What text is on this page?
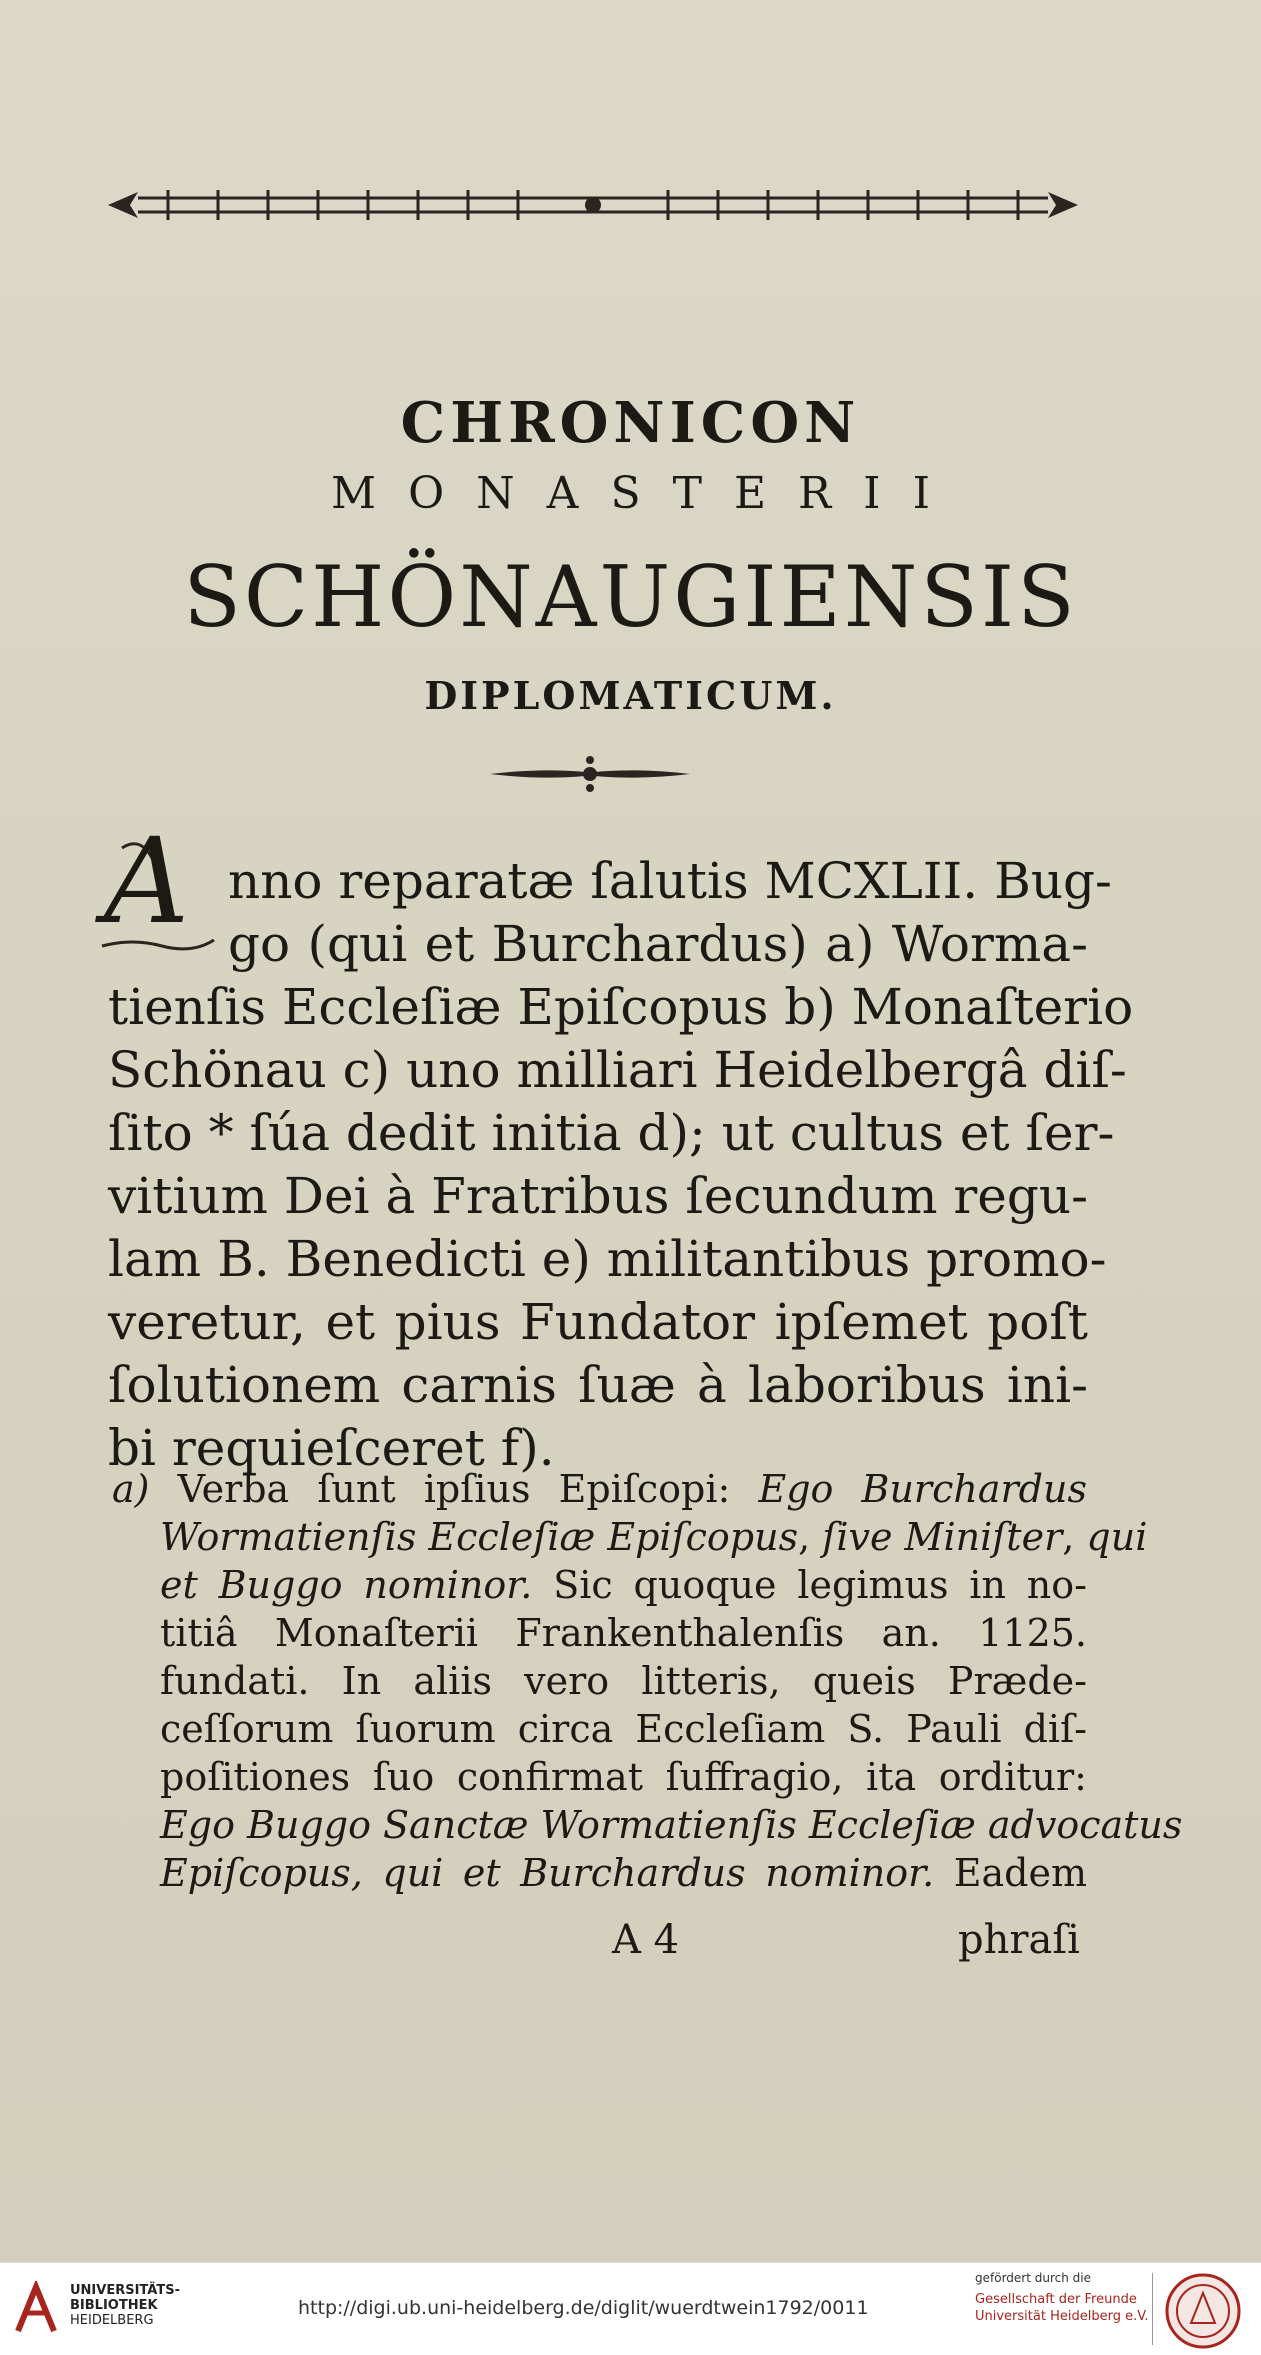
CHRONICON
MONASTERII
SCHÖNAUGIENSIS
DIPLOMATICUM.
A nno reparatæ ſalutis MCXLII. Bug-
go (qui et Burchardus) a) Worma-
tienſis Eccleſiæ Epiſcopus b) Monaſterio
Schönau c) uno milliari Heidelbergâ diſ-
ſito * ſúa dedit initia d); ut cultus et ſer-
vitium Dei à Fratribus ſecundum regu-
lam B. Benedicti e) militantibus promo-
veretur, et pius Fundator ipſemet poſt
ſolutionem carnis ſuæ à laboribus ini-
bi requieſceret f).
a) Verba ſunt ipſius Epiſcopi: Ego Burchardus
Wormatienſis Eccleſiæ Epiſcopus, ſive Miniſter, qui
et Buggo nominor. Sic quoque legimus in no-
titiâ Monaſterii Frankenthalenſis an. 1125.
fundati. In aliis vero litteris, queis Præde-
ceſſorum ſuorum circa Eccleſiam S. Pauli diſ-
poſitiones ſuo confirmat ſuffragio, ita orditur:
Ego Buggo Sanctæ Wormatienſis Eccleſiæ advocatus
Epiſcopus, qui et Burchardus nominor. Eadem
A 4	phraſi
UNIVERSITÄTS-
BIBLIOTHEK
HEIDELBERG
http://digi.ub.uni-heidelberg.de/diglit/wuerdtwein1792/0011
gefördert durch die
Gesellschaft der Freunde
Universität Heidelberg e.V.
